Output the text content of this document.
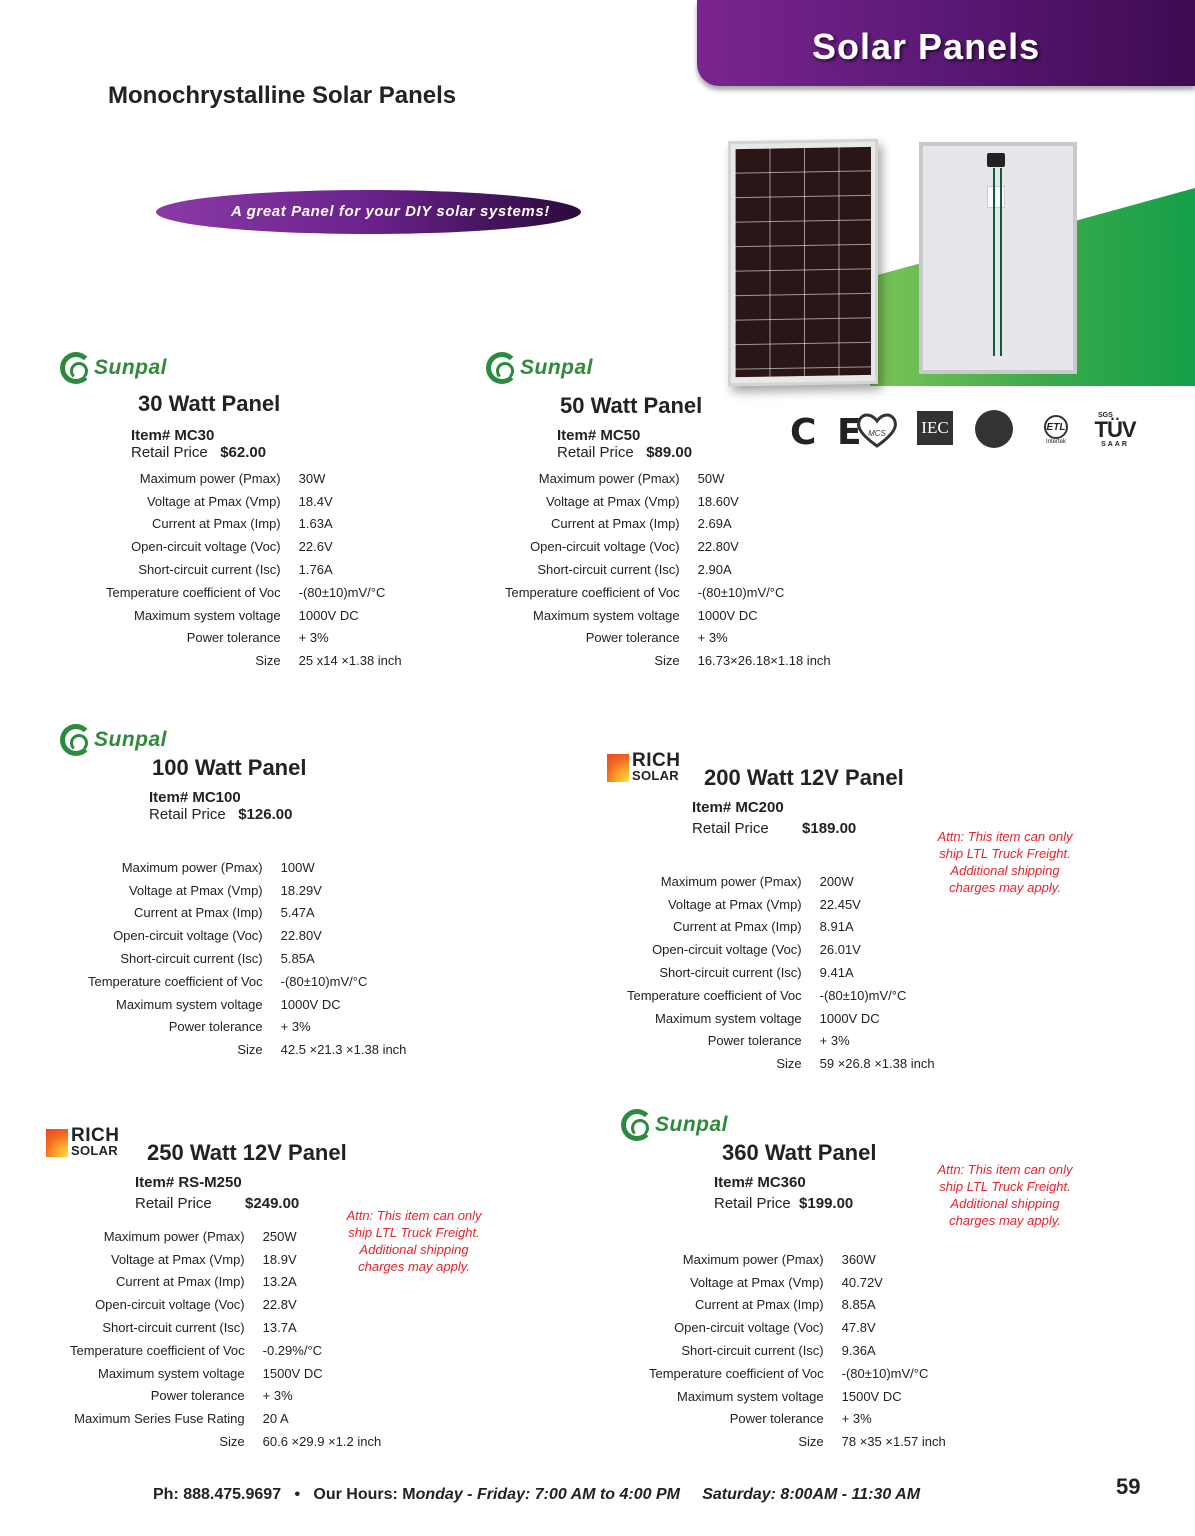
Solar Panels
Monochrystalline Solar Panels
A great Panel for your DIY solar systems!
C E MCS IEC	ETL
Intertek
SGS
TÜV
SAAR
Sunpal
30 Watt Panel
Item# MC30
Retail Price $62.00
Maximum power (Pmax)	30W
Voltage at Pmax (Vmp)	18.4V
Current at Pmax (Imp)	1.63A
Open-circuit voltage (Voc)	22.6V
Short-circuit current (Isc)	1.76A
Temperature coefficient of Voc	-(80±10)mV/°C
Maximum system voltage	1000V DC
Power tolerance	+ 3%
Size	25 x14 ×1.38 inch
Sunpal
50 Watt Panel
Item# MC50
Retail Price $89.00
Maximum power (Pmax)	50W
Voltage at Pmax (Vmp)	18.60V
Current at Pmax (Imp)	2.69A
Open-circuit voltage (Voc)	22.80V
Short-circuit current (Isc)	2.90A
Temperature coefficient of Voc	-(80±10)mV/°C
Maximum system voltage	1000V DC
Power tolerance	+ 3%
Size	16.73×26.18×1.18 inch
Sunpal
100 Watt Panel
Item# MC100
Retail Price $126.00
Maximum power (Pmax)	100W
Voltage at Pmax (Vmp)	18.29V
Current at Pmax (Imp)	5.47A
Open-circuit voltage (Voc)	22.80V
Short-circuit current (Isc)	5.85A
Temperature coefficient of Voc	-(80±10)mV/°C
Maximum system voltage	1000V DC
Power tolerance	+ 3%
Size	42.5 ×21.3 ×1.38 inch
RICH
SOLAR 200 Watt 12V Panel
Item# MC200
Retail Price $189.00	Attn: This item can only
ship LTL Truck Freight.
Additional shipping
charges may apply.
Maximum power (Pmax)	200W
Voltage at Pmax (Vmp)	22.45V
Current at Pmax (Imp)	8.91A
Open-circuit voltage (Voc)	26.01V
Short-circuit current (Isc)	9.41A
Temperature coefficient of Voc	-(80±10)mV/°C
Maximum system voltage	1000V DC
Power tolerance	+ 3%
Size	59 ×26.8 ×1.38 inch
RICH
SOLAR 250 Watt 12V Panel
Item# RS-M250
Retail Price $249.00
Attn: This item can only
ship LTL Truck Freight.
Additional shipping
charges may apply.
Maximum power (Pmax)	250W
Voltage at Pmax (Vmp)	18.9V
Current at Pmax (Imp)	13.2A
Open-circuit voltage (Voc)	22.8V
Short-circuit current (Isc)	13.7A
Temperature coefficient of Voc	-0.29%/°C
Maximum system voltage	1500V DC
Power tolerance	+ 3%
Maximum Series Fuse Rating	20 A
Size	60.6 ×29.9 ×1.2 inch
Sunpal
360 Watt Panel
Item# MC360
Retail Price $199.00
Attn: This item can only
ship LTL Truck Freight.
Additional shipping
charges may apply.
Maximum power (Pmax)	360W
Voltage at Pmax (Vmp)	40.72V
Current at Pmax (Imp)	8.85A
Open-circuit voltage (Voc)	47.8V
Short-circuit current (Isc)	9.36A
Temperature coefficient of Voc	-(80±10)mV/°C
Maximum system voltage	1500V DC
Power tolerance	+ 3%
Size	78 ×35 ×1.57 inch
Ph: 888.475.9697 • Our Hours: Monday - Friday: 7:00 AM to 4:00 PM Saturday: 8:00AM - 11:30 AM	59
